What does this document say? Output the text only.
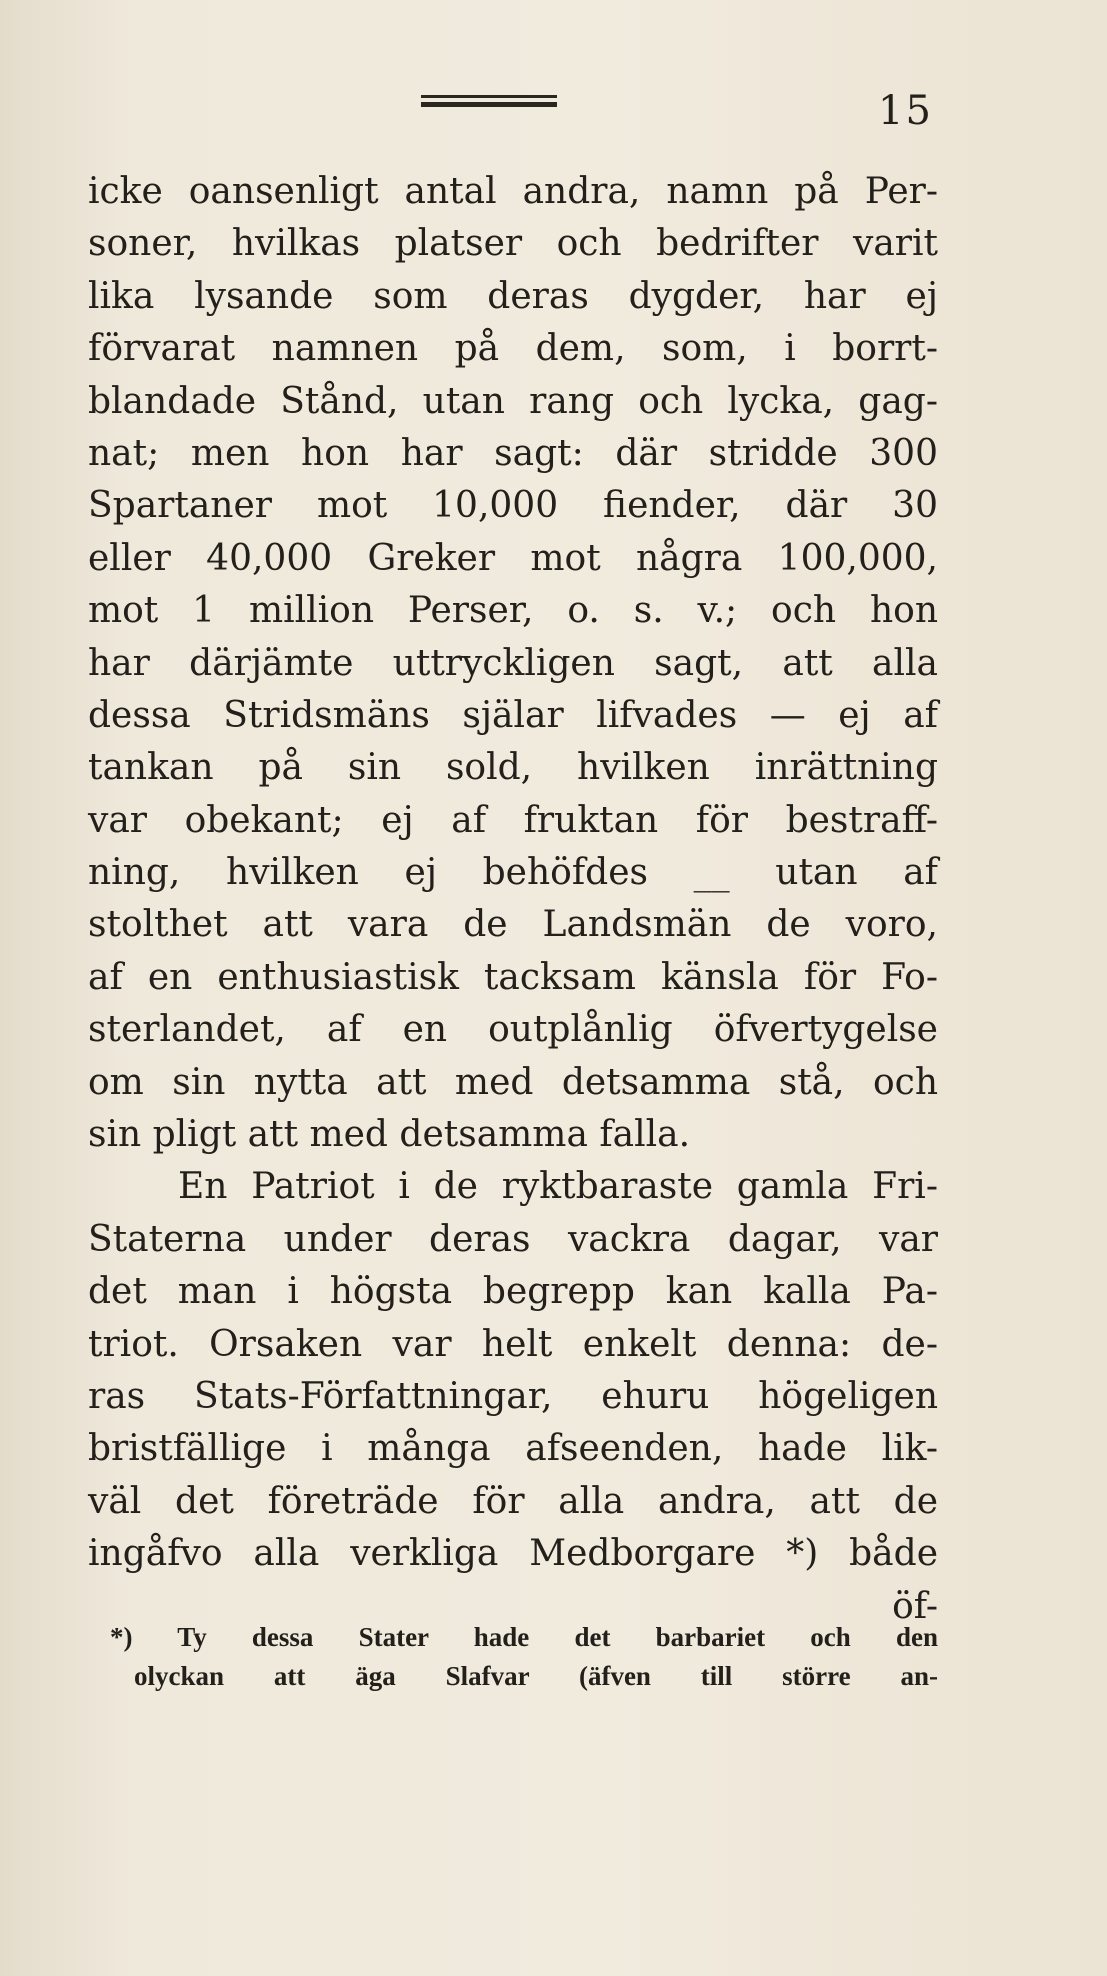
15
icke oansenligt antal andra, namn på Per-
soner, hvilkas platser och bedrifter varit
lika lysande som deras dygder, har ej
förvarat namnen på dem, som, i borrt-
blandade Stånd, utan rang och lycka, gag-
nat; men hon har sagt: där stridde 300
Spartaner mot 10,000 fiender, där 30
eller 40,000 Greker mot några 100,000,
mot 1 million Perser, o. s. v.; och hon
har därjämte uttryckligen sagt, att alla
dessa Stridsmäns själar lifvades — ej af
tankan på sin sold, hvilken inrättning
var obekant; ej af fruktan för bestraff-
ning, hvilken ej behöfdes __ utan af
stolthet att vara de Landsmän de voro,
af en enthusiastisk tacksam känsla för Fo-
sterlandet, af en outplånlig öfvertygelse
om sin nytta att med detsamma stå, och
sin pligt att med detsamma falla.
En Patriot i de ryktbaraste gamla Fri-
Staterna under deras vackra dagar, var
det man i högsta begrepp kan kalla Pa-
triot. Orsaken var helt enkelt denna: de-
ras Stats-Författningar, ehuru högeligen
bristfällige i många afseenden, hade lik-
väl det företräde för alla andra, att de
ingåfvo alla verkliga Medborgare *) både
öf-
*) Ty dessa Stater hade det barbariet och den
olyckan att äga Slafvar (äfven till större an-
